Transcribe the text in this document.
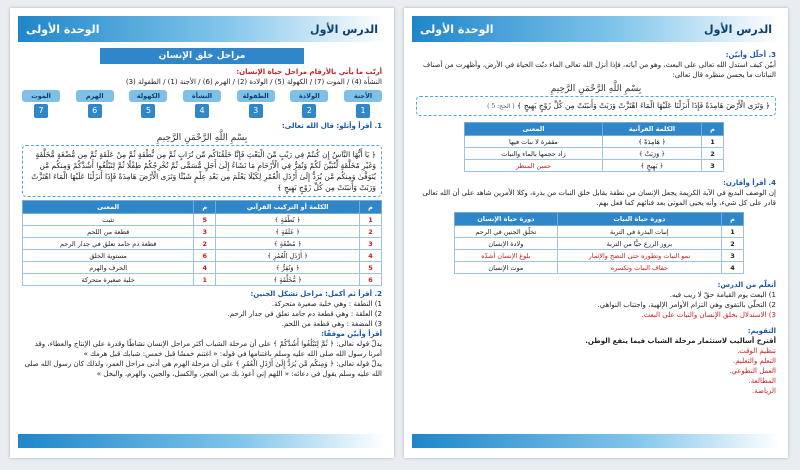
الدرس الأول
الوحدة الأولى
مراحل خلق الإنسان
أرتّب ما يأتي بالأرقام مراحل حياة الإنسان:
النشأة (4) / الموت (7) / الكهولة (5) / الولادة (2) / الهرم (6) / الأجنة (1) / الطفولة (3)
الأجنة
1
الولادة
2
الطفولة
3
النشأة
4
الكهولة
5
الهرم
6
الموت
7
1. أقرأ وأتلو: قال الله تعالى:
بِسْمِ اللَّهِ الرَّحْمَنِ الرَّحِيمِ
﴿ يَا أَيُّهَا النَّاسُ إِن كُنتُمْ فِي رَيْبٍ مِّنَ الْبَعْثِ فَإِنَّا خَلَقْنَاكُم مِّن تُرَابٍ ثُمَّ مِن نُّطْفَةٍ ثُمَّ مِنْ عَلَقَةٍ ثُمَّ مِن مُّضْغَةٍ مُّخَلَّقَةٍ وَغَيْرِ مُخَلَّقَةٍ لِّنُبَيِّنَ لَكُمْ وَنُقِرُّ فِي الْأَرْحَامِ مَا نَشَاءُ إِلَىٰ أَجَلٍ مُّسَمًّى ثُمَّ نُخْرِجُكُمْ طِفْلًا ثُمَّ لِتَبْلُغُوا أَشُدَّكُمْ وَمِنكُم مَّن يُتَوَفَّىٰ وَمِنكُم مَّن يُرَدُّ إِلَىٰ أَرْذَلِ الْعُمُرِ لِكَيْلَا يَعْلَمَ مِن بَعْدِ عِلْمٍ شَيْئًا وَتَرَى الْأَرْضَ هَامِدَةً فَإِذَا أَنزَلْنَا عَلَيْهَا الْمَاءَ اهْتَزَّتْ وَرَبَتْ وَأَنبَتَتْ مِن كُلِّ زَوْجٍ بَهِيجٍ ﴾
م	الكلمة أو التركيب القرآني	م	المعنى
1	﴿ نُطْفَةٍ ﴾	5	تثبت
2	﴿ عَلَقَةٍ ﴾	3	قطعة من اللحم
3	﴿ مُضْغَةٍ ﴾	2	قطعة دم جامد تعلق في جدار الرحم
4	﴿ أَرْذَلِ الْعُمُرِ ﴾	6	مستوية الخلق
5	﴿ وَنُقِرُّ ﴾	4	الخرف والهرم
6	﴿ مُّخَلَّقَةٍ ﴾	1	خلية صغيرة متحركة
2. أقرأ ثم أكمل: مراحل تشكل الجنين:
1) النطفة : وهي خلية صغيرة متحركة.
2) العلقة : وهي قطعة دم جامد تعلق في جدار الرحم.
3) المضغة : وهي قطعة من اللحم.
أقرأ وأبيّن موقفًا:
يدلّ قوله تعالى: ﴿ ثُمَّ لِتَبْلُغُوا أَشُدَّكُمْ ﴾ على أن مرحلة الشباب أكثر مراحل الإنسان نشاطًا وقدرة على الإنتاج والعطاء، وقد أمرنا رسول الله صلى الله عليه وسلم باغتنامها في قوله: « اغتنم خمسًا قبل خمس: شبابك قبل هرمك »
يدلّ قوله تعالى: ﴿ وَمِنكُم مَّن يُرَدُّ إِلَىٰ أَرْذَلِ الْعُمُرِ ﴾ على أن مرحلة الهرم هي أدنى مراحل العمر، ولذلك كان رسول الله صلى الله عليه وسلم يقول في دعائه: « اللهم إني أعوذ بك من العجز، والكسل، والجبن، والهرم، والبخل »
الدرس الأول
الوحدة الأولى
3. أحلّل وأبيّن:
أبيّن كيف استدل الله تعالى على البعث، وهو من آياته، فإذا أنزل الله تعالى الماء دبّت الحياة في الأرض، وأظهرت من أصناف النباتات ما يحسن منظره قال تعالى:
بِسْمِ اللَّهِ الرَّحْمَنِ الرَّحِيمِ
﴿ وَتَرَى الْأَرْضَ هَامِدَةً فَإِذَا أَنزَلْنَا عَلَيْهَا الْمَاءَ اهْتَزَّتْ وَرَبَتْ وَأَنبَتَتْ مِن كُلِّ زَوْجٍ بَهِيجٍ ﴾ ( الحج: 5 )
م	الكلمة القرآنية	المعنى
1	﴿ هَامِدَةً ﴾	مقفرة لا نبات فيها
2	﴿ وَرَبَتْ ﴾	زاد حجمها بالماء والنبات
3	﴿ بَهِيجٍ ﴾	حسن المنظر
4. أقرأ وأقارن:
إن الوصف البديع في الآية الكريمة يجعل الإنسان من نطفة يقابل خلق النبات من بذرة، وكلا الأمرين شاهد على أن الله تعالى قادر على كل شيء، وأنه يحيي الموتى بعد فنائهم كما فعل بهم.
م	دورة حياة النبات	دورة حياة الإنسان
1	إنبات البذرة في التربة	تخلّق الجنين في الرحم
2	بروز الزرع حيًّا من التربة	ولادة الإنسان
3	نمو النبات وتطوره حتى النضج والإثمار	بلوغ الإنسان أشدّه
4	جفاف النبات وتكسره	موت الإنسان
أتعلّم من الدرس:
1) البعث يوم القيامة حقّ لا ريب فيه.
2) التحلّي بالتقوى وهي التزام الأوامر الإلهية، واجتناب النواهي.
3) الاستدلال بخلق الإنسان والنبات على البعث.
التقويم:
أقترح أساليب لاستثمار مرحلة الشباب فيما ينفع الوطن.
تنظيم الوقت.
التعلم والتعليم.
العمل التطوعي.
المطالعة.
الرياضة.
